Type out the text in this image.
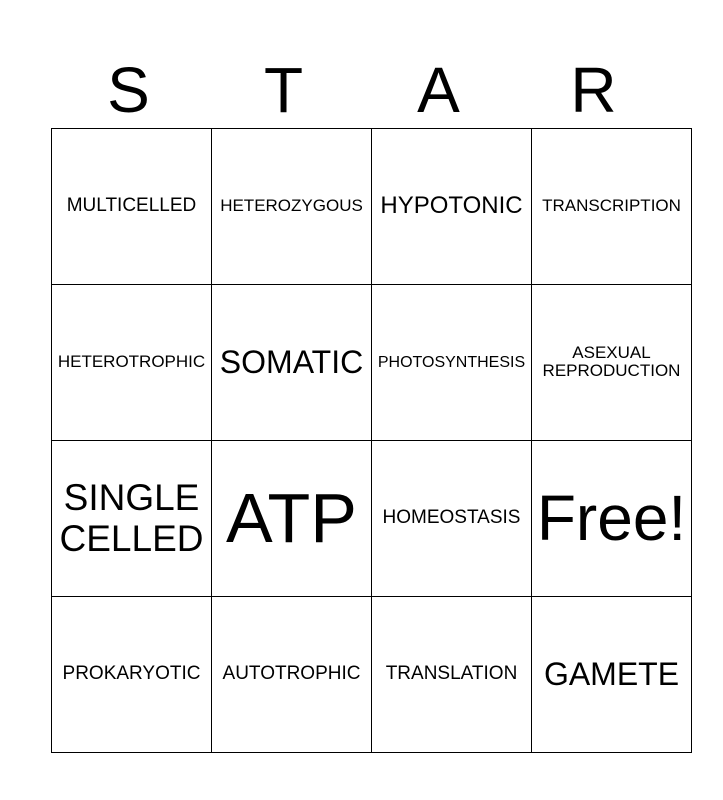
S	T	A	R
MULTICELLED	HETEROZYGOUS	HYPOTONIC	TRANSCRIPTION
HETEROTROPHIC	SOMATIC	PHOTOSYNTHESIS	ASEXUAL REPRODUCTION
SINGLE CELLED	ATP	HOMEOSTASIS	Free!
PROKARYOTIC	AUTOTROPHIC	TRANSLATION	GAMETE
